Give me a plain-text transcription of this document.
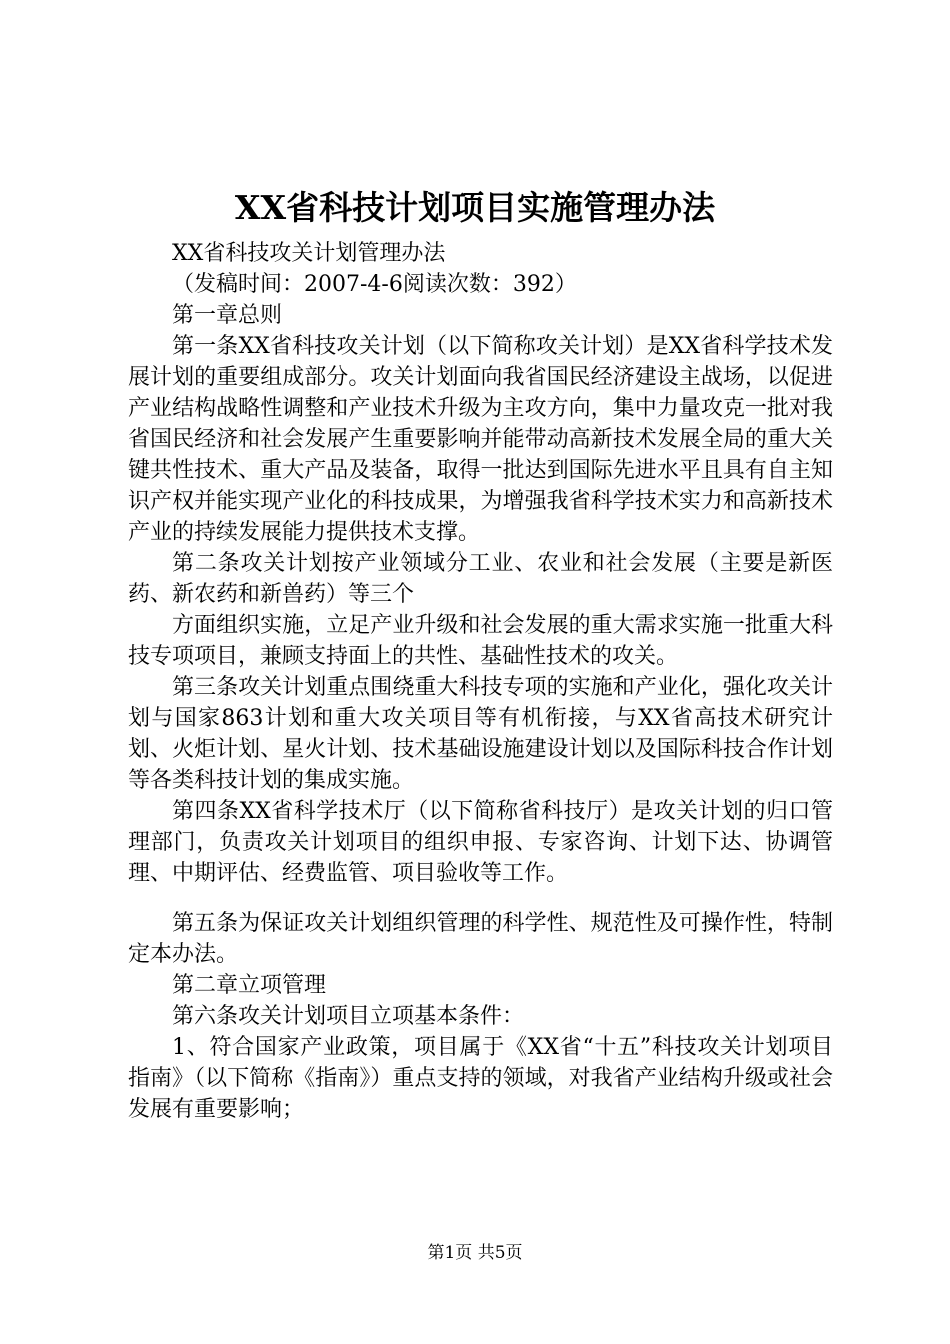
XX省科技计划项目实施管理办法

XX省科技攻关计划管理办法

（发稿时间：2007-4-6阅读次数：392）

第一章总则

第一条XX省科技攻关计划（以下简称攻关计划）是XX省科学技术发展计划的重要组成部分。攻关计划面向我省国民经济建设主战场，以促进产业结构战略性调整和产业技术升级为主攻方向，集中力量攻克一批对我省国民经济和社会发展产生重要影响并能带动高新技术发展全局的重大关键共性技术、重大产品及装备，取得一批达到国际先进水平且具有自主知识产权并能实现产业化的科技成果，为增强我省科学技术实力和高新技术产业的持续发展能力提供技术支撑。

第二条攻关计划按产业领域分工业、农业和社会发展（主要是新医药、新农药和新兽药）等三个

方面组织实施，立足产业升级和社会发展的重大需求实施一批重大科技专项项目，兼顾支持面上的共性、基础性技术的攻关。

第三条攻关计划重点围绕重大科技专项的实施和产业化，强化攻关计划与国家863计划和重大攻关项目等有机衔接，与XX省高技术研究计划、火炬计划、星火计划、技术基础设施建设计划以及国际科技合作计划等各类科技计划的集成实施。

第四条XX省科学技术厅（以下简称省科技厅）是攻关计划的归口管理部门，负责攻关计划项目的组织申报、专家咨询、计划下达、协调管理、中期评估、经费监管、项目验收等工作。

第五条为保证攻关计划组织管理的科学性、规范性及可操作性，特制定本办法。

第二章立项管理

第六条攻关计划项目立项基本条件：

1、符合国家产业政策，项目属于《XX省“十五”科技攻关计划项目指南》（以下简称《指南》）重点支持的领域，对我省产业结构升级或社会发展有重要影响；

第1页 共5页
